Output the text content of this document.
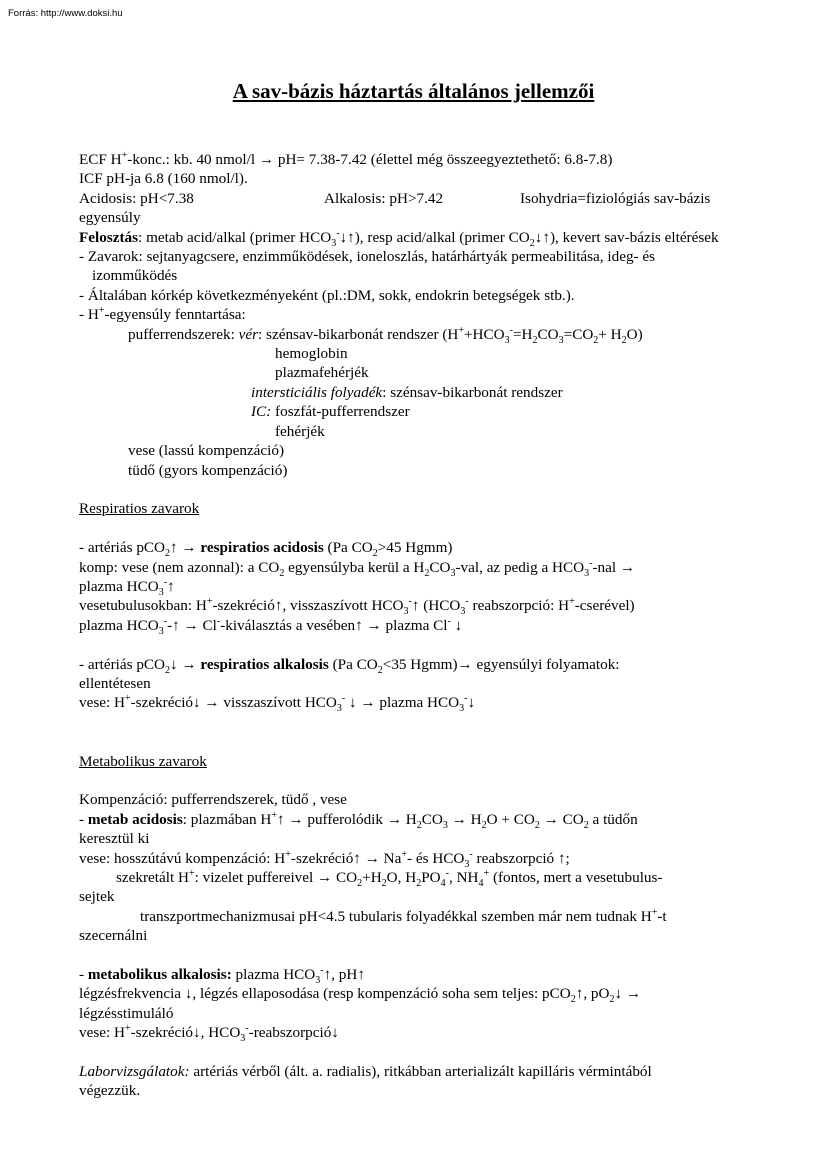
Forrás: http://www.doksi.hu
A sav-bázis háztartás általános jellemzői

ECF H+-konc.: kb. 40 nmol/l → pH= 7.38-7.42 (élettel még összeegyeztethető: 6.8-7.8)

ICF pH-ja 6.8 (160 nmol/l).

Acidosis: pH<7.38	Alkalosis: pH>7.42	Isohydria=fiziológiás sav-bázis egyensúly

Felosztás: metab acid/alkal (primer $HCO_3^-↓↑$), resp acid/alkal (primer $CO_2↓↑$), kevert sav-bázis eltérések

- Zavarok: sejtanyagcsere, enzimműködések, ioneloszlás, határhártyák permeabilitása, ideg- és

izomműködés

- Általában kórkép következményeként (pl.:DM, sokk, endokrin betegségek stb.).

- H+-egyensúly fenntartása:

pufferrendszerek: vér: szénsav-bikarbonát rendszer $(H^++HCO_3^-=H_2CO_3=CO_2+ H_2O)$

hemoglobin

plazmafehérjék

intersticiális folyadék: szénsav-bikarbonát rendszer

IC: foszfát-pufferrendszer

fehérjék

vese (lassú kompenzáció)

tüdő (gyors kompenzáció)

Respiratios zavarok

- artériás pCO$_2$↑ → respiratios acidosis (Pa $CO_2>45$ Hgmm)

komp: vese (nem azonnal): a $CO_2$ egyensúlyba kerül a $H_2CO_3$-val, az pedig a $HCO_3^-$-nal →

plazma $HCO_3^-↑$

vesetubulusokban: H+-szekréció↑, visszaszívott $HCO_3^-↑$ ($HCO_3^-$ reabszorpció: H+-cserével)

plazma $HCO_3^--↑$ → Cl--kiválasztás a vesében↑ → plazma Cl- ↓

- artériás pCO$_2$↓ → respiratios alkalosis (Pa $CO_2<35$ Hgmm)→ egyensúlyi folyamatok:

ellentétesen

vese: H+-szekréció↓ → visszaszívott $HCO_3^-$ ↓ → plazma $HCO_3^-↓$

Metabolikus zavarok

Kompenzáció: pufferrendszerek, tüdő , vese

- metab acidosis: plazmában H+↑ → pufferolódik → $H_2CO_3 \to H_2O + CO_2 \to CO_2$ a tüdőn

keresztül ki

vese: hosszútávú kompenzáció: H+-szekréció↑ → Na+- és $HCO_3^-$ reabszorpció ↑;

szekretált H+: vizelet puffereivel → $CO_2+H_2O$, $H_2PO_4^-$, $NH_4^+$ (fontos, mert a vesetubulus-

sejtek

transzportmechanizmusai pH<4.5 tubularis folyadékkal szemben már nem tudnak H+-t

szecernálni

- metabolikus alkalosis: plazma $HCO_3^-↑$, pH↑

légzésfrekvencia ↓, légzés ellaposodása (resp kompenzáció soha sem teljes: pCO$_2$↑, $pO_2↓$ →

légzésstimuláló

vese: H+-szekréció↓, $HCO_3^--reabszorpció↓$

Laborvizsgálatok: artériás vérből (ált. a. radialis), ritkábban arterializált kapilláris vérmintából

végezzük.
